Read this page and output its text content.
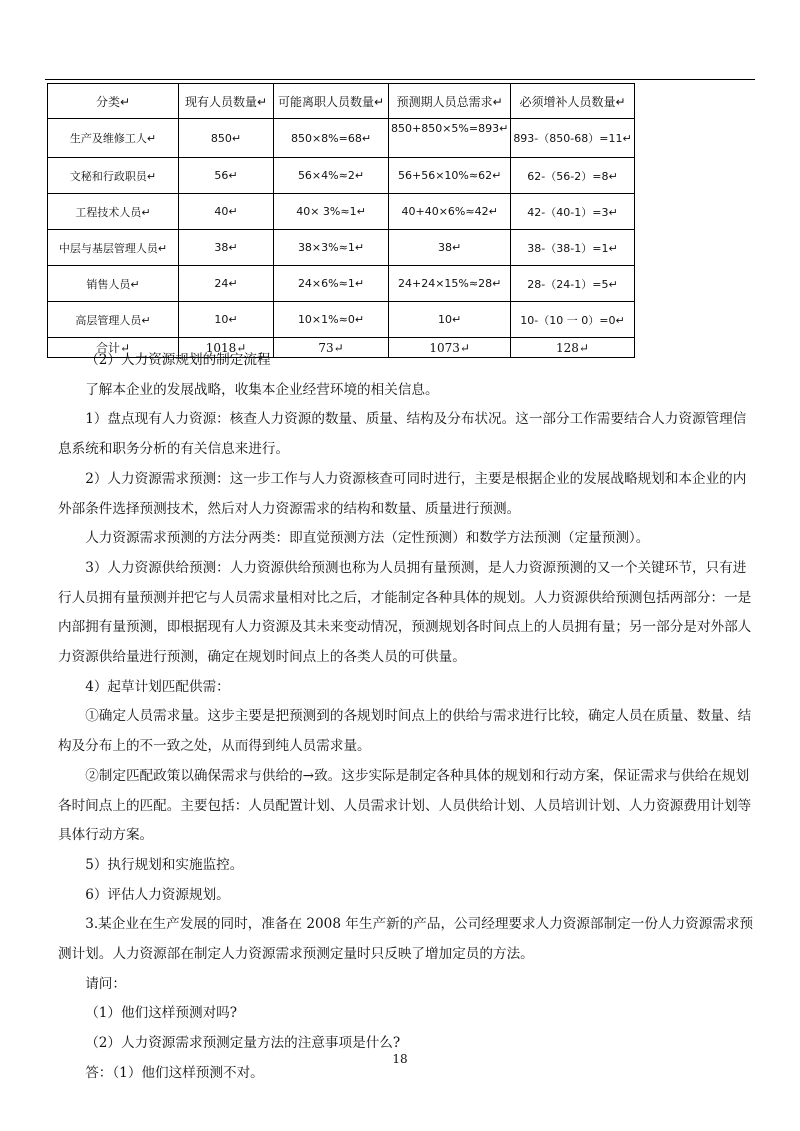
分类↵	现有人员数量↵	可能离职人员数量↵	预测期人员总需求↵	必须增补人员数量↵
生产及维修工人↵	850↵	850×8%=68↵	850+850×5%=893↵	893-（850-68）=11↵
文秘和行政职员↵	56↵	56×4%≈2↵	56+56×10%≈62↵	62-（56-2）=8↵
工程技术人员↵	40↵	40× 3%≈1↵	40+40×6%≈42↵	42-（40-1）=3↵
中层与基层管理人员↵	38↵	38×3%≈1↵	38↵	38-（38-1）=1↵
销售人员↵	24↵	24×6%≈1↵	24+24×15%≈28↵	28-（24-1）=5↵
高层管理人员↵	10↵	10×1%≈0↵	10↵	10-（10 一 0）=0↵
合计↵	1018↵	73↵	1073↵	128↵

（2）人力资源规划的制定流程

了解本企业的发展战略，收集本企业经营环境的相关信息。

1）盘点现有人力资源：核查人力资源的数量、质量、结构及分布状况。这一部分工作需要结合人力资源管理信息系统和职务分析的有关信息来进行。

2）人力资源需求预测：这一步工作与人力资源核查可同时进行，主要是根据企业的发展战略规划和本企业的内外部条件选择预测技术，然后对人力资源需求的结构和数量、质量进行预测。

人力资源需求预测的方法分两类：即直觉预测方法（定性预测）和数学方法预测（定量预测）。

3）人力资源供给预测：人力资源供给预测也称为人员拥有量预测，是人力资源预测的又一个关键环节，只有进行人员拥有量预测并把它与人员需求量相对比之后，才能制定各种具体的规划。人力资源供给预测包括两部分：一是内部拥有量预测，即根据现有人力资源及其未来变动情况，预测规划各时间点上的人员拥有量；另一部分是对外部人力资源供给量进行预测，确定在规划时间点上的各类人员的可供量。

4）起草计划匹配供需：

①确定人员需求量。这步主要是把预测到的各规划时间点上的供给与需求进行比较，确定人员在质量、数量、结构及分布上的不一致之处，从而得到纯人员需求量。

②制定匹配政策以确保需求与供给的→致。这步实际是制定各种具体的规划和行动方案，保证需求与供给在规划各时间点上的匹配。主要包括：人员配置计划、人员需求计划、人员供给计划、人员培训计划、人力资源费用计划等具体行动方案。

5）执行规划和实施监控。

6）评估人力资源规划。

3.某企业在生产发展的同时，准备在 2008 年生产新的产品，公司经理要求人力资源部制定一份人力资源需求预测计划。人力资源部在制定人力资源需求预测定量时只反映了增加定员的方法。

请问：

（1）他们这样预测对吗?

（2）人力资源需求预测定量方法的注意事项是什么?

答：（1）他们这样预测不对。

18
